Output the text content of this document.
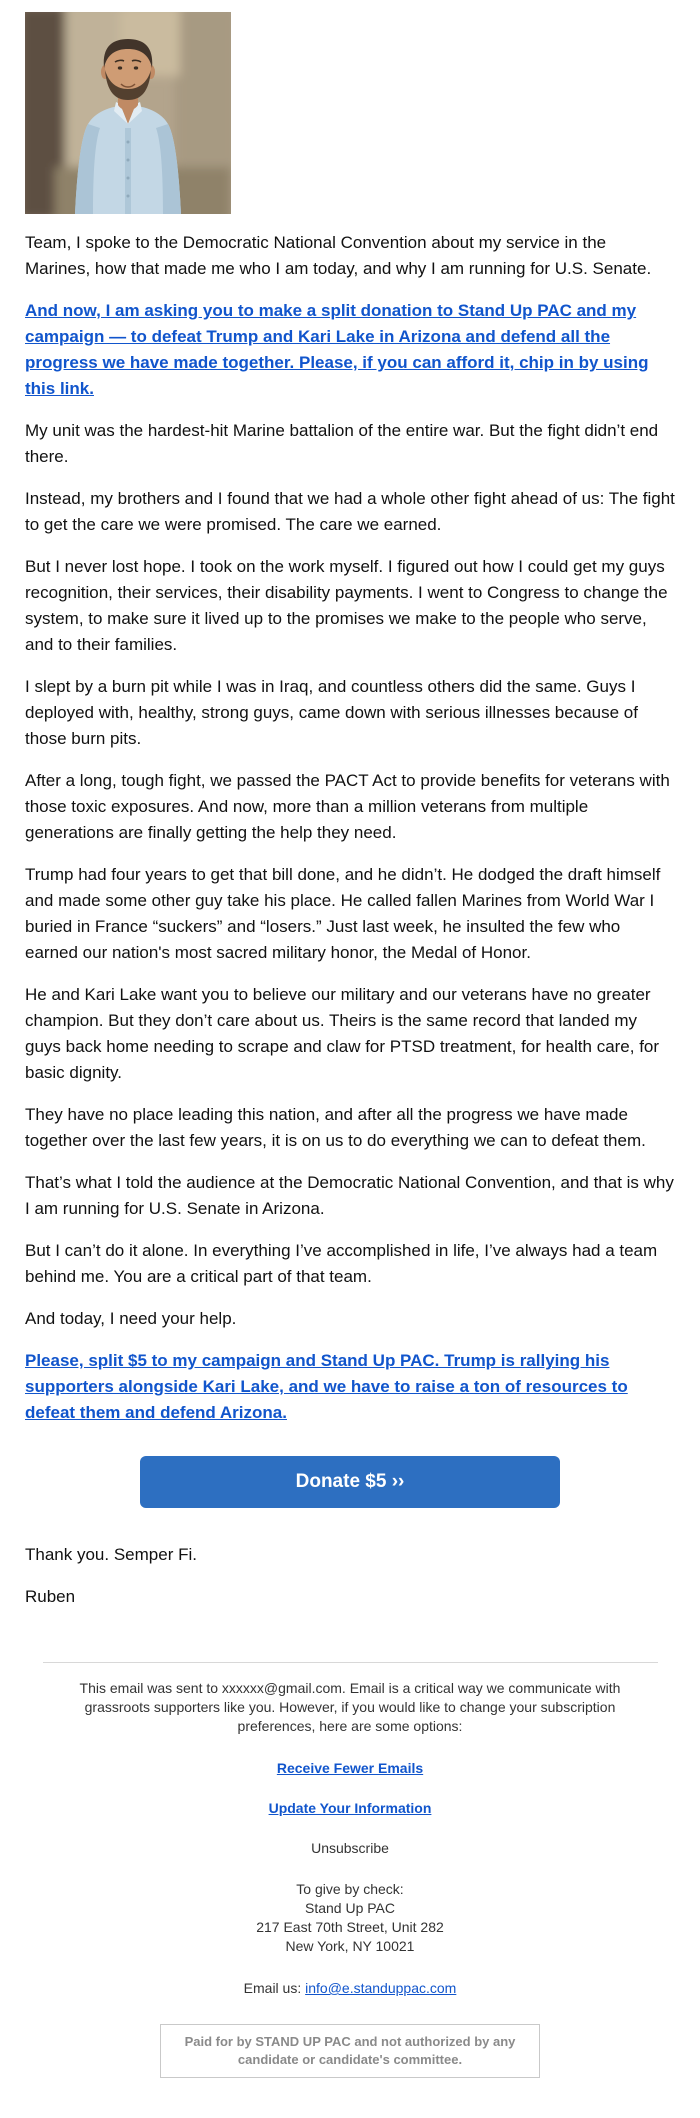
Team, I spoke to the Democratic National Convention about my service in the Marines, how that made me who I am today, and why I am running for U.S. Senate.

And now, I am asking you to make a split donation to Stand Up PAC and my campaign — to defeat Trump and Kari Lake in Arizona and defend all the progress we have made together. Please, if you can afford it, chip in by using this link.

My unit was the hardest-hit Marine battalion of the entire war. But the fight didn’t end there.

Instead, my brothers and I found that we had a whole other fight ahead of us: The fight to get the care we were promised. The care we earned.

But I never lost hope. I took on the work myself. I figured out how I could get my guys recognition, their services, their disability payments. I went to Congress to change the system, to make sure it lived up to the promises we make to the people who serve, and to their families.

I slept by a burn pit while I was in Iraq, and countless others did the same. Guys I deployed with, healthy, strong guys, came down with serious illnesses because of those burn pits.

After a long, tough fight, we passed the PACT Act to provide benefits for veterans with those toxic exposures. And now, more than a million veterans from multiple generations are finally getting the help they need.

Trump had four years to get that bill done, and he didn’t. He dodged the draft himself and made some other guy take his place. He called fallen Marines from World War I buried in France “suckers” and “losers.” Just last week, he insulted the few who earned our nation's most sacred military honor, the Medal of Honor.

He and Kari Lake want you to believe our military and our veterans have no greater champion. But they don’t care about us. Theirs is the same record that landed my guys back home needing to scrape and claw for PTSD treatment, for health care, for basic dignity.

They have no place leading this nation, and after all the progress we have made together over the last few years, it is on us to do everything we can to defeat them.

That’s what I told the audience at the Democratic National Convention, and that is why I am running for U.S. Senate in Arizona.

But I can’t do it alone. In everything I’ve accomplished in life, I’ve always had a team behind me. You are a critical part of that team.

And today, I need your help.

Please, split $5 to my campaign and Stand Up PAC. Trump is rallying his supporters alongside Kari Lake, and we have to raise a ton of resources to defeat them and defend Arizona.

Donate $5 ››

Thank you. Semper Fi.

Ruben

This email was sent to xxxxxx@gmail.com. Email is a critical way we communicate with grassroots supporters like you. However, if you would like to change your subscription preferences, here are some options:

Receive Fewer Emails
Update Your Information
Unsubscribe
To give by check:
Stand Up PAC
217 East 70th Street, Unit 282
New York, NY 10021
Email us: info@e.standuppac.com

Paid for by STAND UP PAC and not authorized by any candidate or candidate's committee.
